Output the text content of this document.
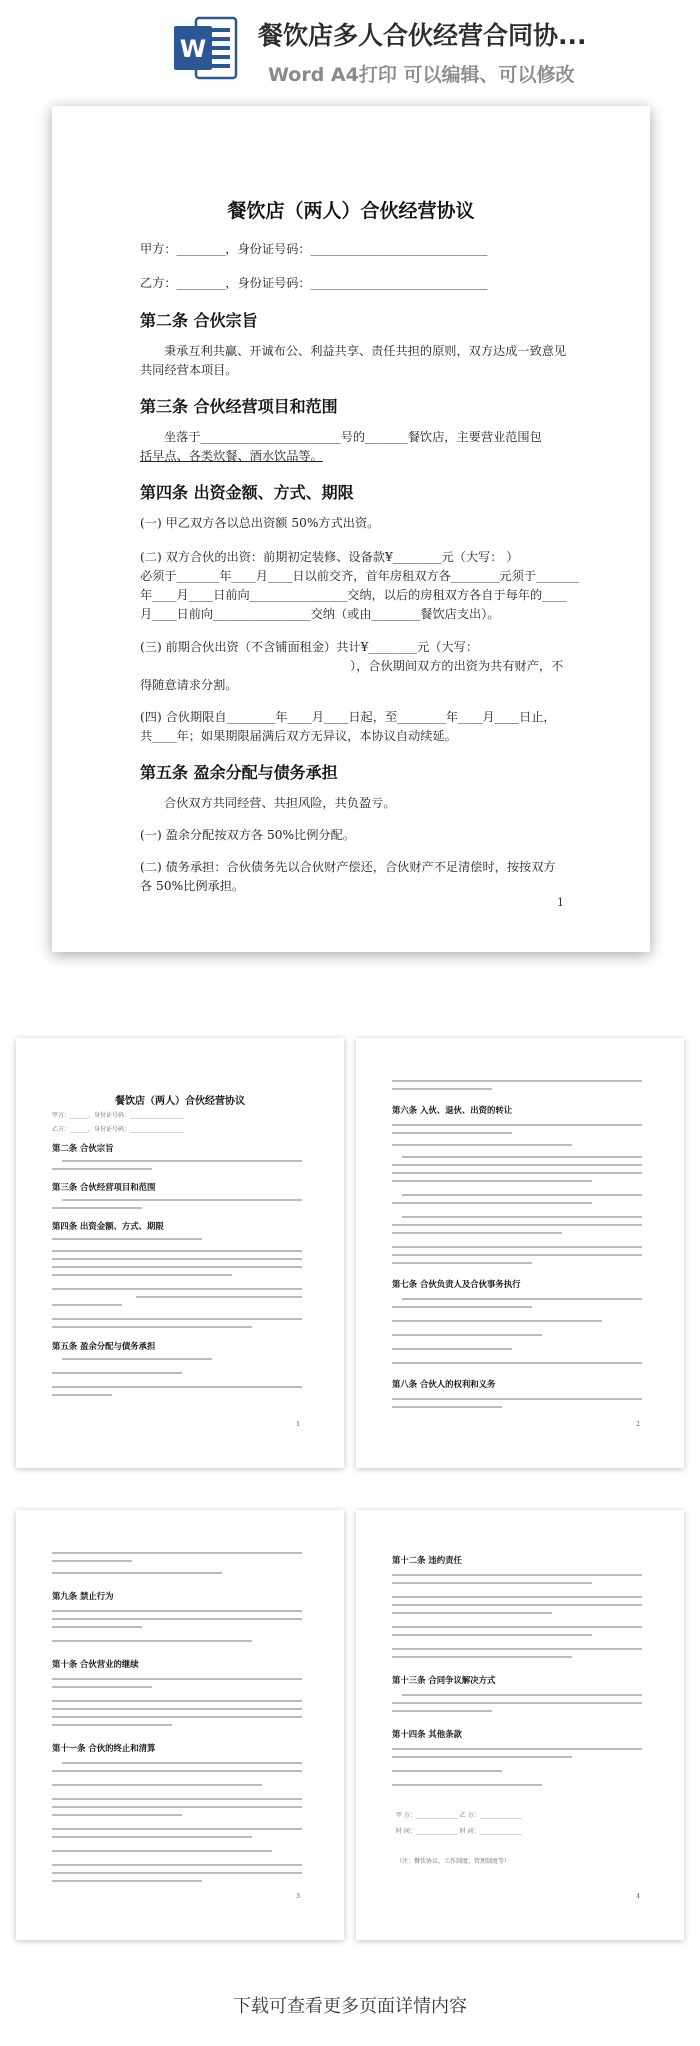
W 餐饮店多人合伙经营合同协...
Word A4打印 可以编辑、可以修改
餐饮店（两人）合伙经营协议
甲方：________，身份证号码：_____________________________
乙方：________，身份证号码：_____________________________
第二条 合伙宗旨
秉承互利共赢、开诚布公、利益共享、责任共担的原则，双方达成一致意见
共同经营本项目。
第三条 合伙经营项目和范围
坐落于_______________________号的_______餐饮店，主要营业范围包
括早点、各类炊餐、酒水饮品等。
第四条 出资金额、方式、期限
(一) 甲乙双方各以总出资额 50%方式出资。
(二) 双方合伙的出资：前期初定装修、设备款¥________元（大写： ）
必须于_______年____月____日以前交齐，首年房租双方各________元须于_______
年____月____日前向________________交纳，以后的房租双方各自于每年的____
月____日前向________________交纳（或由________餐饮店支出）。
(三) 前期合伙出资（不含铺面租金）共计¥________元（大写：
），合伙期间双方的出资为共有财产，不
得随意请求分割。
(四) 合伙期限自________年____月____日起，至________年____月____日止，
共____年；如果期限届满后双方无异议，本协议自动续延。
第五条 盈余分配与债务承担
合伙双方共同经营、共担风险，共负盈亏。
(一) 盈余分配按双方各 50%比例分配。
(二) 债务承担：合伙债务先以合伙财产偿还，合伙财产不足清偿时，按按双方
各 50%比例承担。
1
餐饮店（两人）合伙经营协议
甲方：______，身份证号码：__________________
乙方：______，身份证号码：__________________
第二条 合伙宗旨
第三条 合伙经营项目和范围
第四条 出资金额、方式、期限
第五条 盈余分配与债务承担
1
第六条 入伙、退伙、出资的转让
第七条 合伙负责人及合伙事务执行
第八条 合伙人的权利和义务
2
第九条 禁止行为
第十条 合伙营业的继续
第十一条 合伙的终止和清算
3
第十二条 违约责任
第十三条 合同争议解决方式
第十四条 其他条款
甲 方：______________ 乙 方：______________
时 间：______________ 时 间：______________
（注：餐饮协议、工作制度、管理制度等）
4
下载可查看更多页面详情内容
